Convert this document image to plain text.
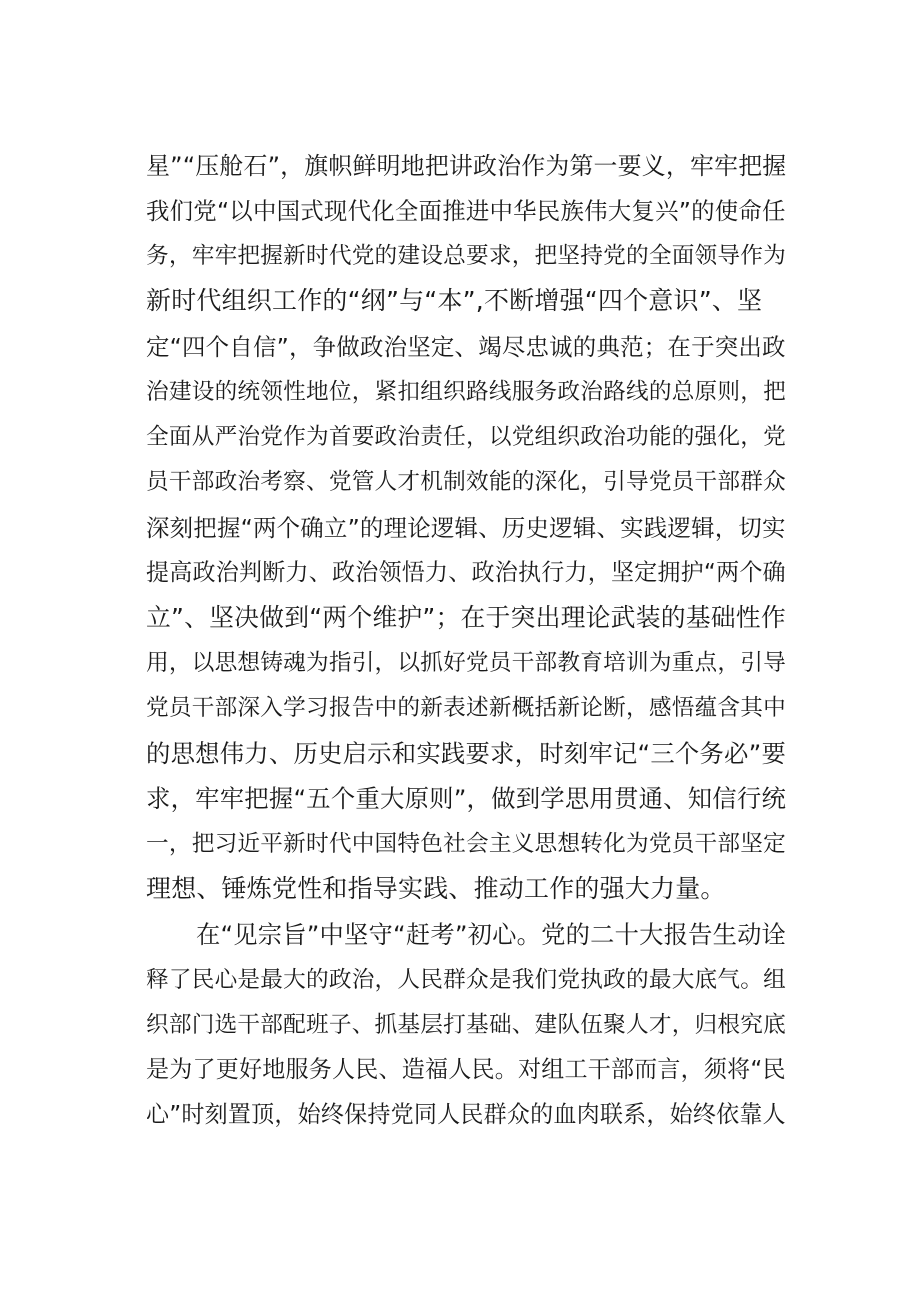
星”“压舱石”，旗帜鲜明地把讲政治作为第一要义，牢牢把握
我们党“以中国式现代化全面推进中华民族伟大复兴”的使命任
务，牢牢把握新时代党的建设总要求，把坚持党的全面领导作为
新时代组织工作的“纲”与“本”,不断增强“四个意识”、坚
定“四个自信”，争做政治坚定、竭尽忠诚的典范；在于突出政
治建设的统领性地位，紧扣组织路线服务政治路线的总原则，把
全面从严治党作为首要政治责任，以党组织政治功能的强化，党
员干部政治考察、党管人才机制效能的深化，引导党员干部群众
深刻把握“两个确立”的理论逻辑、历史逻辑、实践逻辑，切实
提高政治判断力、政治领悟力、政治执行力，坚定拥护“两个确
立”、坚决做到“两个维护”；在于突出理论武装的基础性作
用，以思想铸魂为指引，以抓好党员干部教育培训为重点，引导
党员干部深入学习报告中的新表述新概括新论断，感悟蕴含其中
的思想伟力、历史启示和实践要求，时刻牢记“三个务必”要
求，牢牢把握“五个重大原则”，做到学思用贯通、知信行统
一，把习近平新时代中国特色社会主义思想转化为党员干部坚定
理想、锤炼党性和指导实践、推动工作的强大力量。
在“见宗旨”中坚守“赶考”初心。党的二十大报告生动诠
释了民心是最大的政治，人民群众是我们党执政的最大底气。组
织部门选干部配班子、抓基层打基础、建队伍聚人才，归根究底
是为了更好地服务人民、造福人民。对组工干部而言，须将“民
心”时刻置顶，始终保持党同人民群众的血肉联系，始终依靠人
